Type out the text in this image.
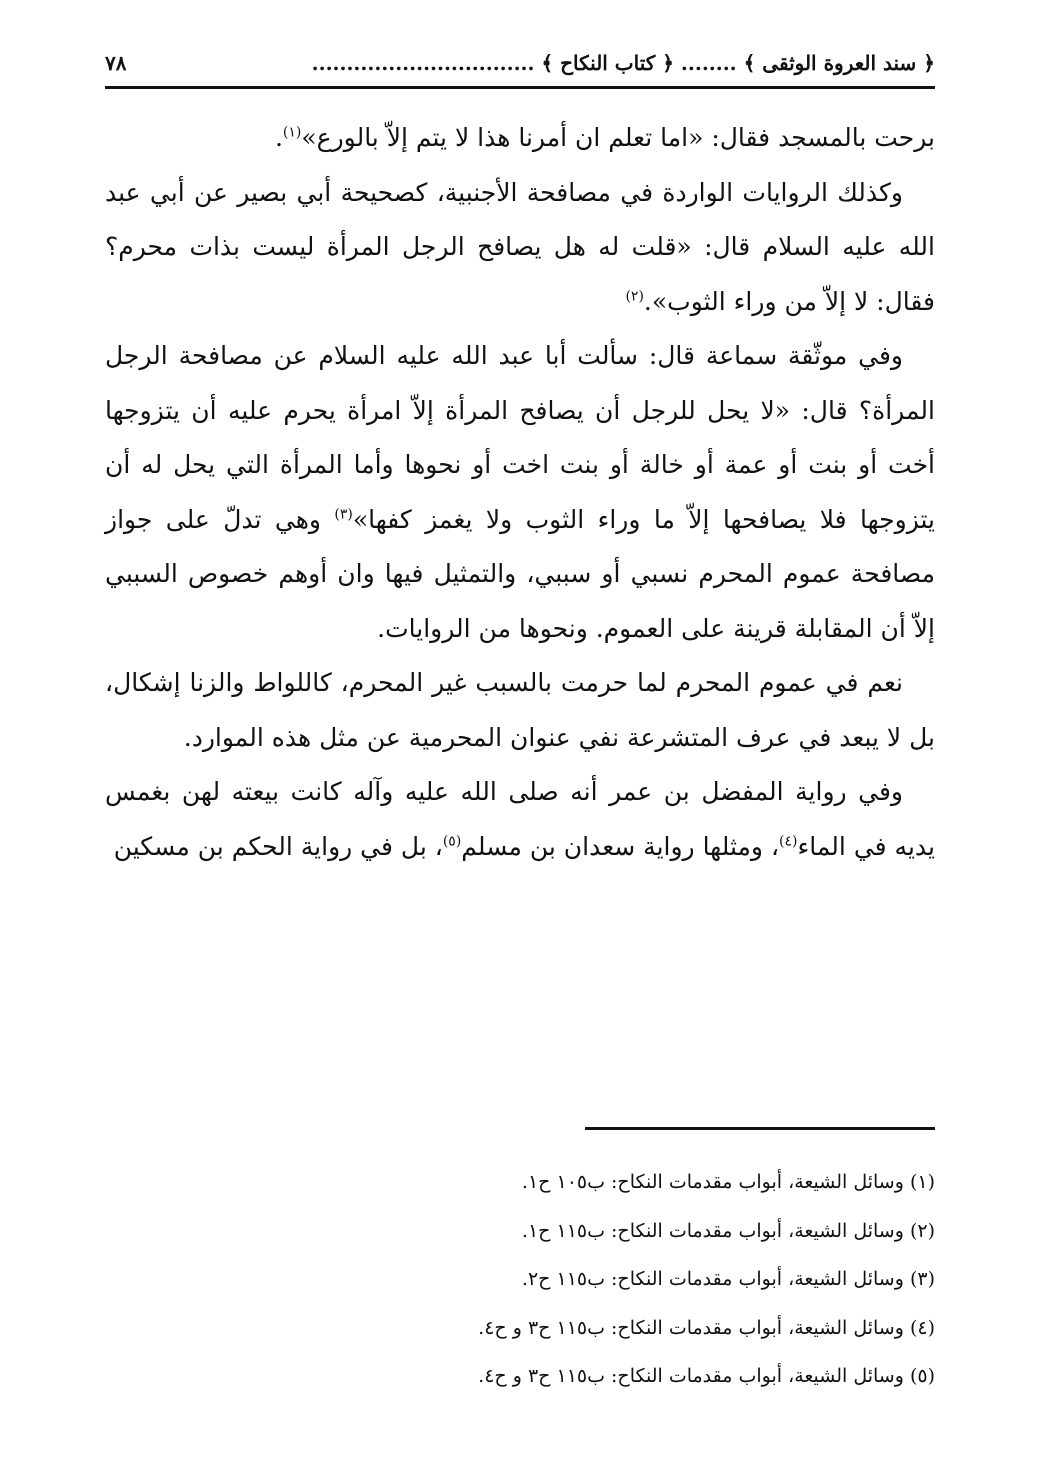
﴿ سند العروة الوثقى ﴾ ........ ﴿ كتاب النكاح ﴾ ................................
٧٨

برحت بالمسجد فقال: «اما تعلم ان أمرنا هذا لا يتم إلاّ بالورع»$^{(١)}$.

وكذلك الروايات الواردة في مصافحة الأجنبية، كصحيحة أبي بصير عن أبي عبد الله عليه السلام قال: «قلت له هل يصافح الرجل المرأة ليست بذات محرم؟ فقال: لا إلاّ من وراء الثوب».$^{(٢)}$

وفي موثّقة سماعة قال: سألت أبا عبد الله عليه السلام عن مصافحة الرجل المرأة؟ قال: «لا يحل للرجل أن يصافح المرأة إلاّ امرأة يحرم عليه أن يتزوجها أخت أو بنت أو عمة أو خالة أو بنت اخت أو نحوها وأما المرأة التي يحل له أن يتزوجها فلا يصافحها إلاّ ما وراء الثوب ولا يغمز كفها»$^{(٣)}$ وهي تدلّ على جواز مصافحة عموم المحرم نسبي أو سببي، والتمثيل فيها وان أوهم خصوص السببي إلاّ أن المقابلة قرينة على العموم. ونحوها من الروايات.

نعم في عموم المحرم لما حرمت بالسبب غير المحرم، كاللواط والزنا إشكال، بل لا يبعد في عرف المتشرعة نفي عنوان المحرمية عن مثل هذه الموارد.

وفي رواية المفضل بن عمر أنه صلى الله عليه وآله كانت بيعته لهن بغمس يديه في الماء$^{(٤)}$، ومثلها رواية سعدان بن مسلم$^{(٥)}$، بل في رواية الحكم بن مسكين

(١) وسائل الشيعة، أبواب مقدمات النكاح: ب١٠٥ ح١.

(٢) وسائل الشيعة، أبواب مقدمات النكاح: ب١١٥ ح١.

(٣) وسائل الشيعة، أبواب مقدمات النكاح: ب١١٥ ح٢.

(٤) وسائل الشيعة، أبواب مقدمات النكاح: ب١١٥ ح٣ و ح٤.

(٥) وسائل الشيعة، أبواب مقدمات النكاح: ب١١٥ ح٣ و ح٤.
